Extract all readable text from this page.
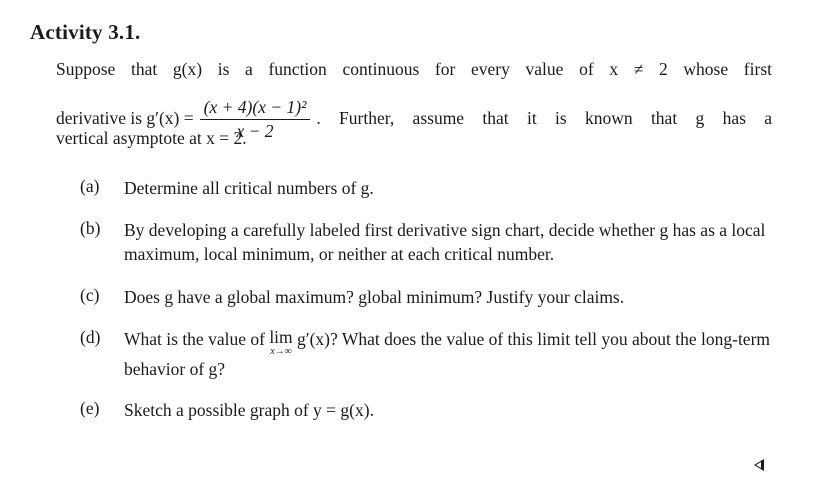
Activity 3.1.
Suppose that g(x) is a function continuous for every value of x ≠ 2 whose first
derivative is $g'(x) = \frac{\text{(x + 4)(x − 1)²}}{x - 2}$ . Further, assume that it is known that g has a
vertical asymptote at x = 2.
(a) Determine all critical numbers of g.
(b) By developing a carefully labeled first derivative sign chart, decide whether g has as a local maximum, local minimum, or neither at each critical number.
(c) Does g have a global maximum? global minimum? Justify your claims.
(d) What is the value of lim
x→∞
g′(x)? What does the value of this limit tell you about the long-term behavior of g?
(e) Sketch a possible graph of y = g(x).
